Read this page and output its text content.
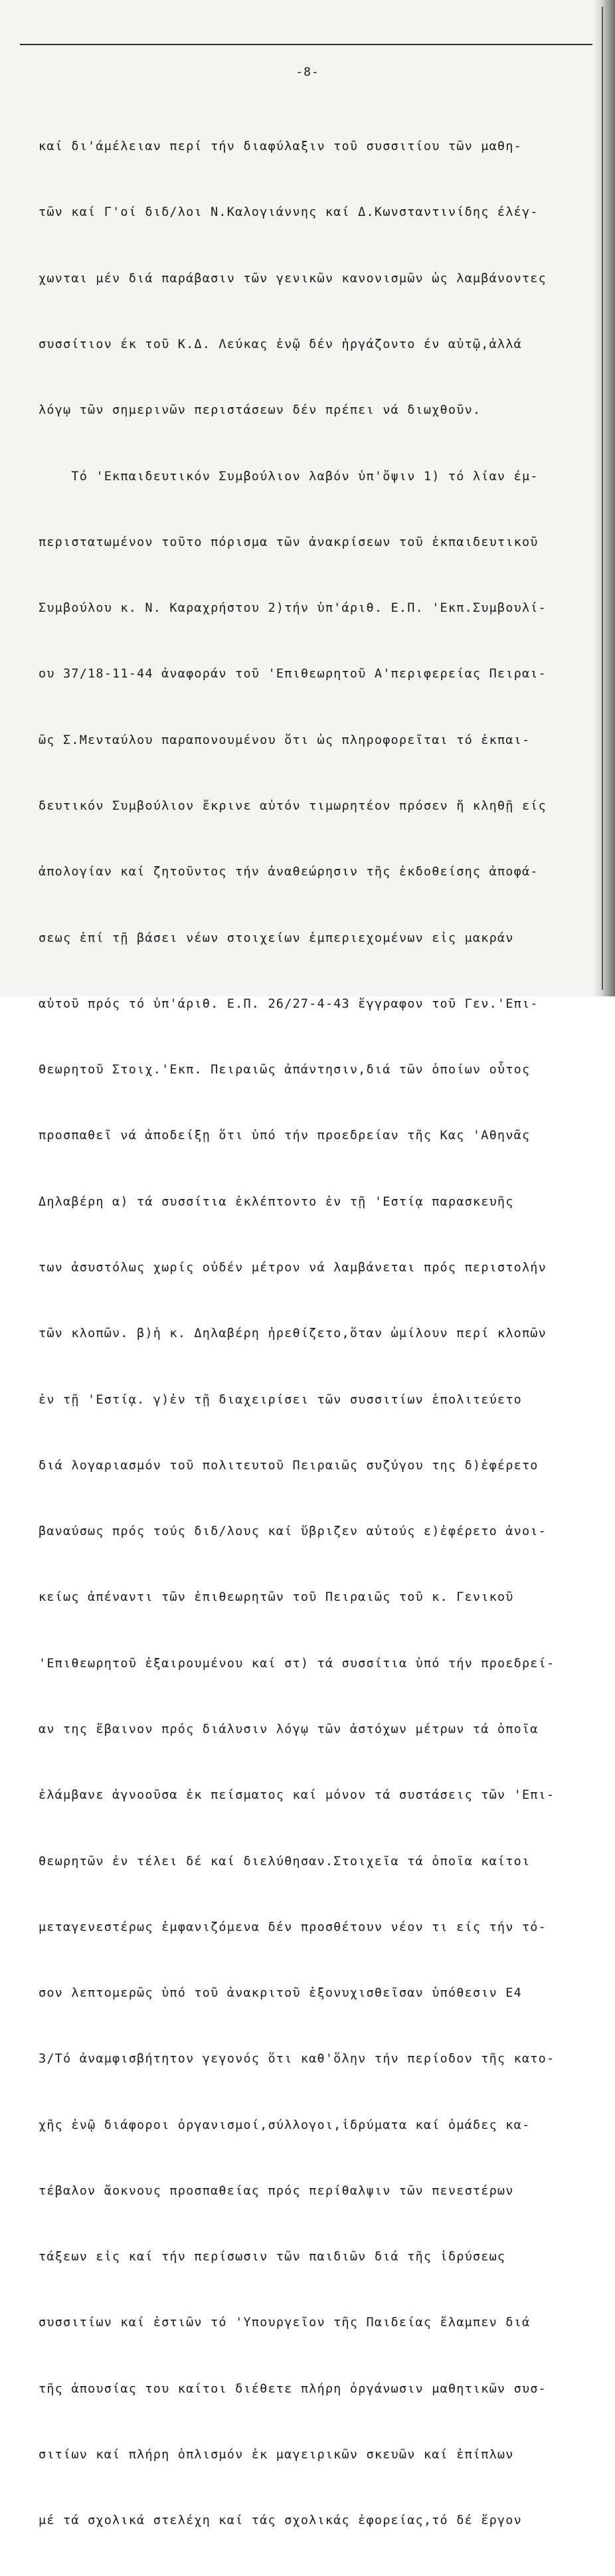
-8-

καί δι'άμέλειαν περί τήν διαφύλαξιν τοῦ συσσιτίου τῶν μαθη-

τῶν καί Γ'οί διδ/λοι Ν.Καλογιάννης καί Δ.Κωνσταντινίδης έλέγ-

χωνται μέν διά παράβασιν τῶν γενικῶν κανονισμῶν ὡς λαμβάνοντες

συσσίτιον έκ τοῦ Κ.Δ. Λεύκας ἐνῷ δέν ἠργάζοντο έν αὐτῷ,ἀλλά

λόγῳ τῶν σημερινῶν περιστάσεων δέν πρέπει νά διωχθοῦν.

Τό 'Εκπαιδευτικόν Συμβούλιον λαβόν ὑπ'ὄψιν 1) τό λίαν έμ-

περιστατωμένον τοῦτο πόρισμα τῶν ἀνακρίσεων τοῦ ἐκπαιδευτικοῦ

Συμβούλου κ. Ν. Καραχρήστου 2)τήν ὑπ'άριθ. Ε.Π. 'Εκπ.Συμβουλί-

ου 37/18-11-44 ἀναφοράν τοῦ 'Επιθεωρητοῦ Α'περιφερείας Πειραι-

ῶς Σ.Μενταύλου παραπονουμένου ὅτι ὡς πληροφορεῖται τό ἐκπαι-

δευτικόν Συμβούλιον ἔκρινε αὐτόν τιμωρητέον πρόσεν ἤ κληθῇ είς

ἀπολογίαν καί ζητοῦντος τήν ἀναθεώρησιν τῆς ἐκδοθείσης ἀποφά-

σεως ἐπί τῇ βάσει νέων στοιχείων ἐμπεριεχομένων εἰς μακράν

αὐτοῦ πρός τό ὑπ'άριθ. Ε.Π. 26/27-4-43 ἔγγραφον τοῦ Γεν.'Επι-

θεωρητοῦ Στοιχ.'Εκπ. Πειραιῶς ἀπάντησιν,διά τῶν ὁποίων οὗτος

προσπαθεῖ νά ἀποδείξῃ ὅτι ὑπό τήν προεδρείαν τῆς Κας 'Αθηνᾶς

Δηλαβέρη α) τά συσσίτια ἐκλέπτοντο ἐν τῇ 'Εστίᾳ παρασκευῆς

των ἀσυστόλως χωρίς οὐδέν μέτρον νά λαμβάνεται πρός περιστολήν

τῶν κλοπῶν. β)ἡ κ. Δηλαβέρη ἠρεθίζετο,ὅταν ὡμίλουν περί κλοπῶν

ἐν τῇ 'Εστίᾳ. γ)ἐν τῇ διαχειρίσει τῶν συσσιτίων ἐπολιτεύετο

διά λογαριασμόν τοῦ πολιτευτοῦ Πειραιῶς συζύγου της δ)ἐφέρετο

βαναύσως πρός τούς διδ/λους καί ὕβριζεν αὐτούς ε)ἐφέρετο ἀνοι-

κείως ἀπέναντι τῶν ἐπιθεωρητῶν τοῦ Πειραιῶς τοῦ κ. Γενικοῦ

'Επιθεωρητοῦ ἐξαιρουμένου καί στ) τά συσσίτια ὑπό τήν προεδρεί-

αν της ἔβαινον πρός διάλυσιν λόγῳ τῶν ἀστόχων μέτρων τά ὁποῖα

ἐλάμβανε ἀγνοοῦσα ἐκ πείσματος καί μόνον τά συστάσεις τῶν 'Επι-

θεωρητῶν ἐν τέλει δέ καί διελύθησαν.Στοιχεῖα τά ὁποῖα καίτοι

μεταγενεστέρως ἐμφανιζόμενα δέν προσθέτουν νέον τι είς τήν τό-

σον λεπτομερῶς ὑπό τοῦ ἀνακριτοῦ ἐξονυχισθεῖσαν ὑπόθεσιν Ε4

3/Τό ἀναμφισβήτητον γεγονός ὅτι καθ'ὅλην τήν περίοδον τῆς κατο-

χῆς ἐνῷ διάφοροι ὀργανισμοί,σύλλογοι,ἱδρύματα καί ὁμάδες κα-

τέβαλον ἄοκνους προσπαθείας πρός περίθαλψιν τῶν πενεστέρων

τάξεων εἰς καί τήν περίσωσιν τῶν παιδιῶν διά τῆς ἱδρύσεως

συσσιτίων καί ἐστιῶν τό 'Υπουργεῖον τῆς Παιδείας ἔλαμπεν διά

τῆς ἀπουσίας του καίτοι διέθετε πλήρη ὀργάνωσιν μαθητικῶν συσ-

σιτίων καί πλήρη ὁπλισμόν ἐκ μαγειρικῶν σκευῶν καί ἐπίπλων

μέ τά σχολικά στελέχη καί τάς σχολικάς ἐφορείας,τό δέ ἔργον
